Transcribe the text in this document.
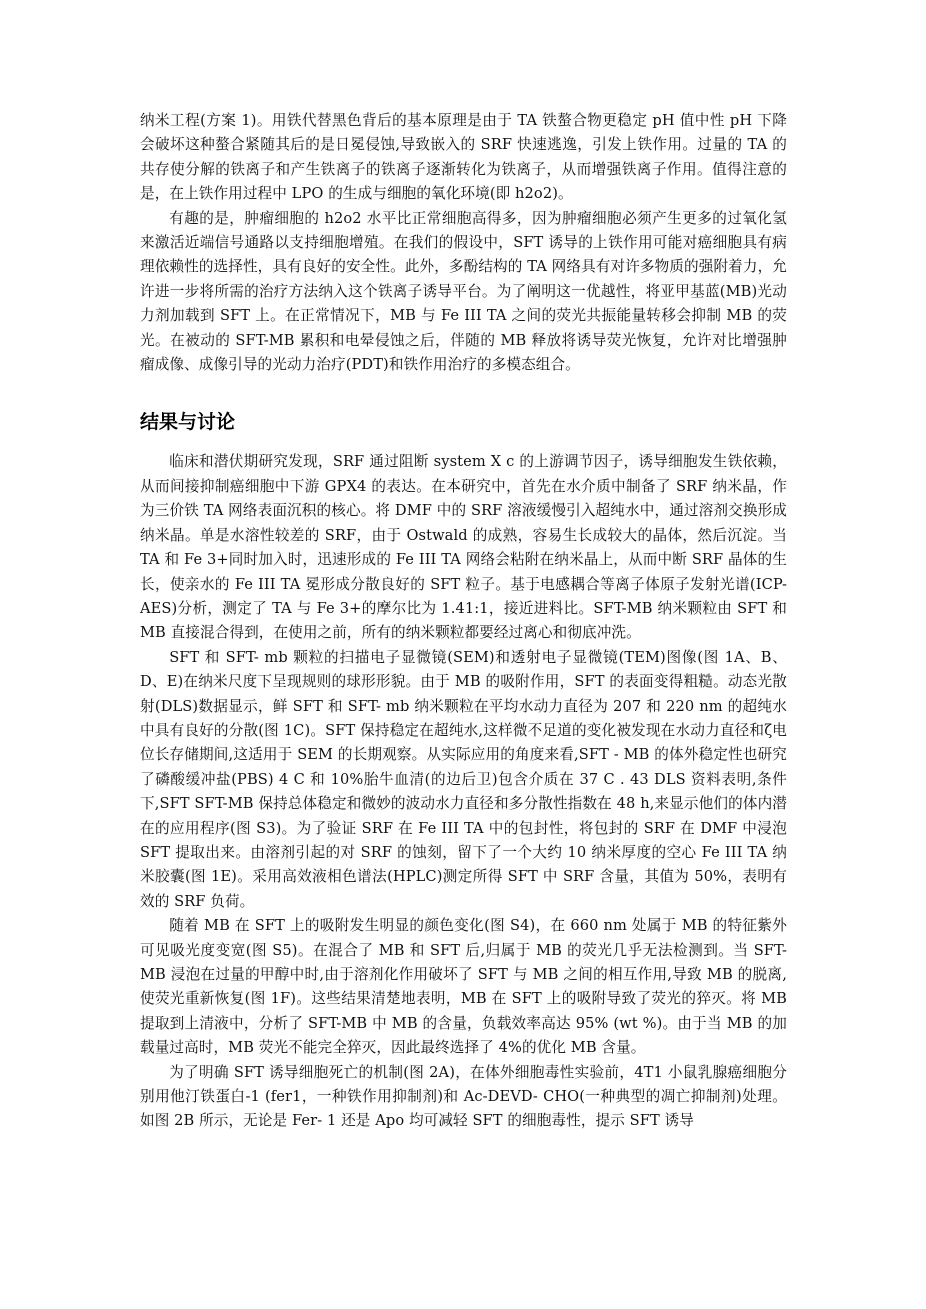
纳米工程(方案 1)。用铁代替黑色背后的基本原理是由于 TA 铁螯合物更稳定 pH 值中性 pH 下降会破坏这种螯合紧随其后的是日冕侵蚀,导致嵌入的 SRF 快速逃逸，引发上铁作用。过量的 TA 的共存使分解的铁离子和产生铁离子的铁离子逐渐转化为铁离子，从而增强铁离子作用。值得注意的是，在上铁作用过程中 LPO 的生成与细胞的氧化环境(即 h2o2)。

有趣的是，肿瘤细胞的 h2o2 水平比正常细胞高得多，因为肿瘤细胞必须产生更多的过氧化氢来激活近端信号通路以支持细胞增殖。在我们的假设中，SFT 诱导的上铁作用可能对癌细胞具有病理依赖性的选择性，具有良好的安全性。此外，多酚结构的 TA 网络具有对许多物质的强附着力，允许进一步将所需的治疗方法纳入这个铁离子诱导平台。为了阐明这一优越性，将亚甲基蓝(MB)光动力剂加载到 SFT 上。在正常情况下，MB 与 Fe III TA 之间的荧光共振能量转移会抑制 MB 的荧光。在被动的 SFT-MB 累积和电晕侵蚀之后，伴随的 MB 释放将诱导荧光恢复，允许对比增强肿瘤成像、成像引导的光动力治疗(PDT)和铁作用治疗的多模态组合。

结果与讨论

临床和潜伏期研究发现，SRF 通过阻断 system X c 的上游调节因子，诱导细胞发生铁依赖，从而间接抑制癌细胞中下游 GPX4 的表达。在本研究中，首先在水介质中制备了 SRF 纳米晶，作为三价铁 TA 网络表面沉积的核心。将 DMF 中的 SRF 溶液缓慢引入超纯水中，通过溶剂交换形成纳米晶。单是水溶性较差的 SRF，由于 Ostwald 的成熟，容易生长成较大的晶体，然后沉淀。当 TA 和 Fe 3+同时加入时，迅速形成的 Fe III TA 网络会粘附在纳米晶上，从而中断 SRF 晶体的生长，使亲水的 Fe III TA 冕形成分散良好的 SFT 粒子。基于电感耦合等离子体原子发射光谱(ICP-AES)分析，测定了 TA 与 Fe 3+的摩尔比为 1.41:1，接近进料比。SFT-MB 纳米颗粒由 SFT 和 MB 直接混合得到，在使用之前，所有的纳米颗粒都要经过离心和彻底冲洗。

SFT 和 SFT- mb 颗粒的扫描电子显微镜(SEM)和透射电子显微镜(TEM)图像(图 1A、B、D、E)在纳米尺度下呈现规则的球形形貌。由于 MB 的吸附作用，SFT 的表面变得粗糙。动态光散射(DLS)数据显示，鲜 SFT 和 SFT- mb 纳米颗粒在平均水动力直径为 207 和 220 nm 的超纯水中具有良好的分散(图 1C)。SFT 保持稳定在超纯水,这样微不足道的变化被发现在水动力直径和ζ电位长存储期间,这适用于 SEM 的长期观察。从实际应用的角度来看,SFT - MB 的体外稳定性也研究了磷酸缓冲盐(PBS) 4 C 和 10%胎牛血清(的边后卫)包含介质在 37 C . 43 DLS 资料表明,条件下,SFT SFT-MB 保持总体稳定和微妙的波动水力直径和多分散性指数在 48 h,来显示他们的体内潜在的应用程序(图 S3)。为了验证 SRF 在 Fe III TA 中的包封性，将包封的 SRF 在 DMF 中浸泡 SFT 提取出来。由溶剂引起的对 SRF 的蚀刻，留下了一个大约 10 纳米厚度的空心 Fe III TA 纳米胶囊(图 1E)。采用高效液相色谱法(HPLC)测定所得 SFT 中 SRF 含量，其值为 50%，表明有效的 SRF 负荷。

随着 MB 在 SFT 上的吸附发生明显的颜色变化(图 S4)，在 660 nm 处属于 MB 的特征紫外可见吸光度变宽(图 S5)。在混合了 MB 和 SFT 后,归属于 MB 的荧光几乎无法检测到。当 SFT-MB 浸泡在过量的甲醇中时,由于溶剂化作用破坏了 SFT 与 MB 之间的相互作用,导致 MB 的脱离,使荧光重新恢复(图 1F)。这些结果清楚地表明，MB 在 SFT 上的吸附导致了荧光的猝灭。将 MB 提取到上清液中，分析了 SFT-MB 中 MB 的含量，负载效率高达 95% (wt %)。由于当 MB 的加载量过高时，MB 荧光不能完全猝灭，因此最终选择了 4%的优化 MB 含量。

为了明确 SFT 诱导细胞死亡的机制(图 2A)，在体外细胞毒性实验前，4T1 小鼠乳腺癌细胞分别用他汀铁蛋白-1 (fer1，一种铁作用抑制剂)和 Ac-DEVD- CHO(一种典型的凋亡抑制剂)处理。如图 2B 所示，无论是 Fer- 1 还是 Apo 均可减轻 SFT 的细胞毒性，提示 SFT 诱导
